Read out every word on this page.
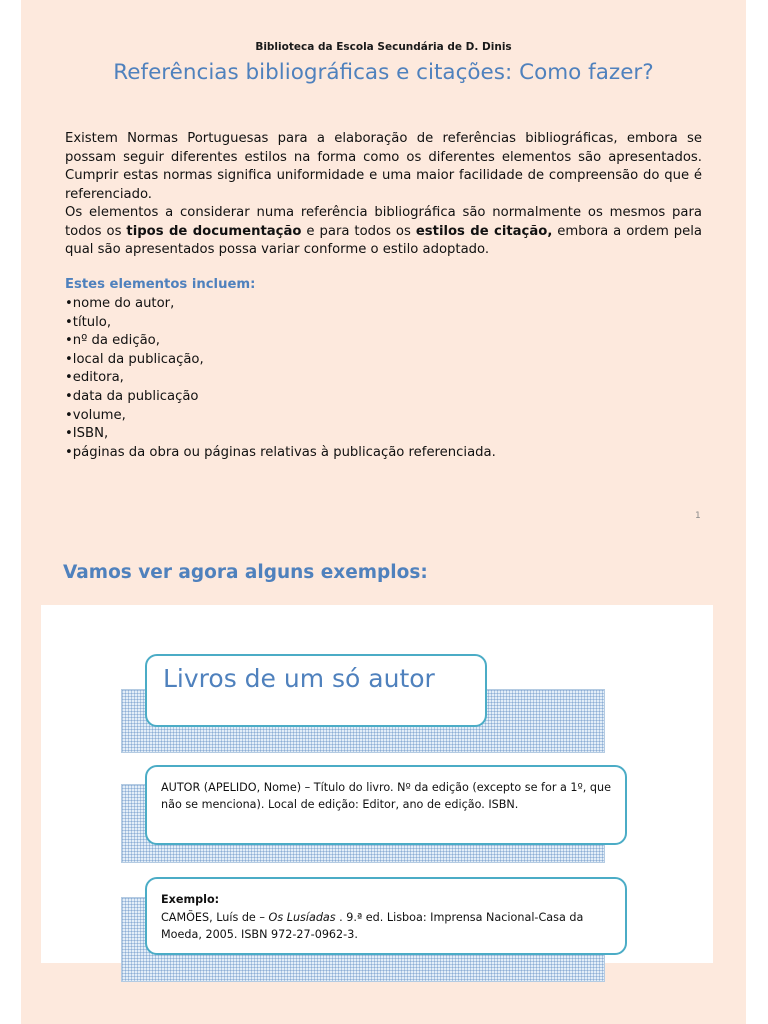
Biblioteca da Escola Secundária de D. Dinis
Referências bibliográficas e citações: Como fazer?

Existem Normas Portuguesas para a elaboração de referências bibliográficas, embora se possam seguir diferentes estilos na forma como os diferentes elementos são apresentados. Cumprir estas normas significa uniformidade e uma maior facilidade de compreensão do que é referenciado.

Os elementos a considerar numa referência bibliográfica são normalmente os mesmos para todos os tipos de documentação e para todos os estilos de citação, embora a ordem pela qual são apresentados possa variar conforme o estilo adoptado.

Estes elementos incluem:
•nome do autor,
•título,
•nº da edição,
•local da publicação,
•editora,
•data da publicação
•volume,
•ISBN,
•páginas da obra ou páginas relativas à publicação referenciada.
1
Vamos ver agora alguns exemplos:
Livros de um só autor
AUTOR (APELIDO, Nome) – Título do livro. Nº da edição (excepto se for a 1º, que não se menciona). Local de edição: Editor, ano de edição. ISBN.
Exemplo:
CAMÕES, Luís de – Os Lusíadas . 9.ª ed. Lisboa: Imprensa Nacional-Casa da Moeda, 2005. ISBN 972-27-0962-3.
